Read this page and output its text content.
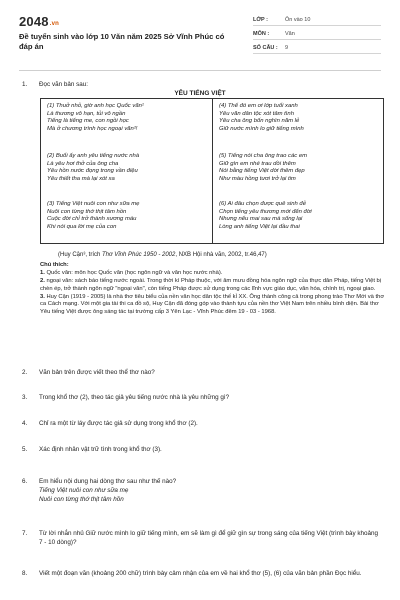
2048.vn
Đề tuyển sinh vào lớp 10 Văn năm 2025 Sở Vĩnh Phúc có đáp án
LỚP :	Ôn vào 10
MÔN :	Văn
SỐ CÂU :	9
1.	Đọc văn bản sau:
YÊU TIẾNG VIỆT
(1) Thuở nhỏ, giờ anh học Quốc văn¹
Là thương vô hạn, tủi vô ngần
Tiếng là tiếng me, con ngồi học
Mà ở chương trình học ngoại văn²!
(2) Buổi ấy anh yêu tiếng nước nhà
Là yêu hơi thở của ông cha
Yêu hồn nước đọng trong vần điệu
Yêu thiết tha mà lại xót xa
(3) Tiếng Việt nuôi con như sữa mẹ
Nuôi con từng thớ thịt tâm hồn
Cuộc đời chỉ trở thành xương máu
Khi nói qua lời mẹ của con
(4) Thế đó em ơi lớp tuổi xanh
Yêu văn dân tộc xót tâm tình
Yêu cha ông bốn nghìn năm lẻ
Giữ nước mình lo giữ tiếng mình
(5) Tiếng nói cha ông trao các em
Giữ gìn em nhé trau dồi thêm
Nói bằng tiếng Việt dời thêm đẹp
Như màu hồng tươi trở lại tim
(6) Ai đâu chọn được quê sinh đẻ
Chọn tiếng yêu thương mới đến đời
Nhưng nếu mai sau mà sống lại
Lòng anh tiếng Việt lại đầu thai
(Huy Cận³, trích Thơ Vĩnh Phúc 1950 - 2002, NXB Hội nhà văn, 2002, tr.46,47)
Chú thích:
1. Quốc văn: môn học Quốc văn (học ngôn ngữ và văn học nước nhà).
2. ngoại văn: sách báo tiếng nước ngoài. Trong thời kì Pháp thuộc, với âm mưu đồng hóa ngôn ngữ của thực dân Pháp, tiếng Việt bị chèn ép, trở thành ngôn ngữ "ngoại văn", còn tiếng Pháp được sử dụng trong các lĩnh vực giáo dục, văn hóa, chính trị, ngoại giao.
3. Huy Cận (1919 - 2005) là nhà thơ tiêu biểu của nền văn học dân tộc thế kỉ XX. Ông thành công cả trong phong trào Thơ Mới và thơ ca Cách mạng. Với một gia tài thi ca đồ sộ, Huy Cận đã đóng góp vào thành tựu của nền thơ Việt Nam trên nhiều bình diện. Bài thơ Yêu tiếng Việt được ông sáng tác tại trường cấp 3 Yên Lạc - Vĩnh Phúc đêm 19 - 03 - 1968.
2.	Văn bản trên được viết theo thể thơ nào?
3.	Trong khổ thơ (2), theo tác giả yêu tiếng nước nhà là yêu những gì?
4.	Chỉ ra một từ láy được tác giả sử dụng trong khổ thơ (2).
5.	Xác định nhân vật trữ tình trong khổ thơ (3).
6.	Em hiểu nội dung hai dòng thơ sau như thế nào?
Tiếng Việt nuôi con như sữa mẹ
Nuôi con từng thớ thịt tâm hồn
7.	Từ lời nhắn nhủ Giữ nước mình lo giữ tiếng mình, em sẽ làm gì để giữ gìn sự trong sáng của tiếng Việt (trình bày khoảng 7 - 10 dòng)?
8.	Viết một đoạn văn (khoảng 200 chữ) trình bày cảm nhận của em về hai khổ thơ (5), (6) của văn bản phần Đọc hiểu.
